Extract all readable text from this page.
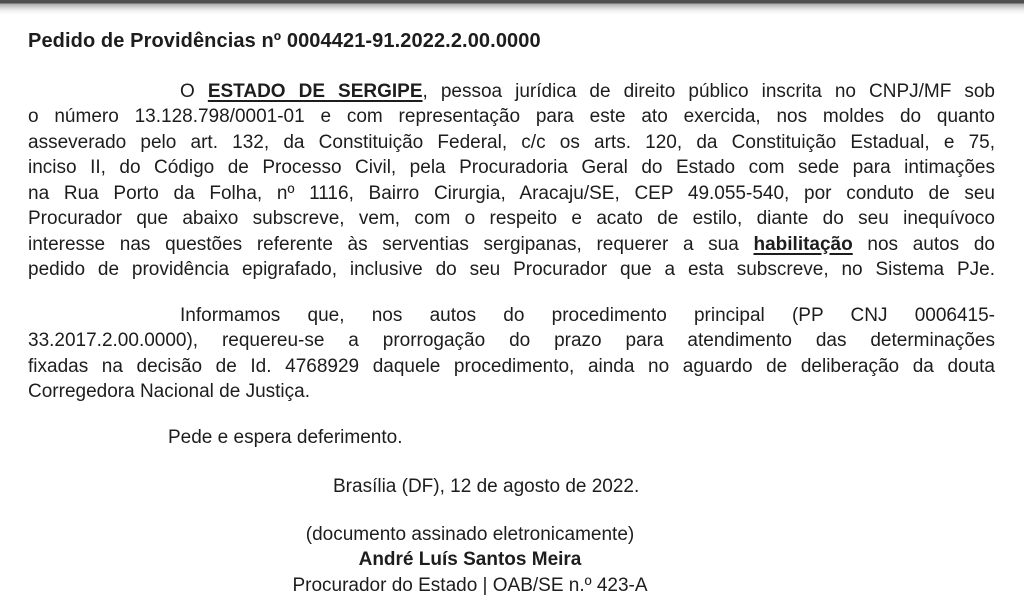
Pedido de Providências nº 0004421-91.2022.2.00.0000
O ESTADO DE SERGIPE, pessoa jurídica de direito público inscrita no CNPJ/MF sob
o número 13.128.798/0001-01 e com representação para este ato exercida, nos moldes do quanto
asseverado pelo art. 132, da Constituição Federal, c/c os arts. 120, da Constituição Estadual, e 75,
inciso II, do Código de Processo Civil, pela Procuradoria Geral do Estado com sede para intimações
na Rua Porto da Folha, nº 1116, Bairro Cirurgia, Aracaju/SE, CEP 49.055-540, por conduto de seu
Procurador que abaixo subscreve, vem, com o respeito e acato de estilo, diante do seu inequívoco
interesse nas questões referente às serventias sergipanas, requerer a sua habilitação nos autos do
pedido de providência epigrafado, inclusive do seu Procurador que a esta subscreve, no Sistema PJe.
Informamos que, nos autos do procedimento principal (PP CNJ 0006415-
33.2017.2.00.0000), requereu-se a prorrogação do prazo para atendimento das determinações
fixadas na decisão de Id. 4768929 daquele procedimento, ainda no aguardo de deliberação da douta
Corregedora Nacional de Justiça.
Pede e espera deferimento.
Brasília (DF), 12 de agosto de 2022.
(documento assinado eletronicamente)
André Luís Santos Meira
Procurador do Estado | OAB/SE n.º 423-A
